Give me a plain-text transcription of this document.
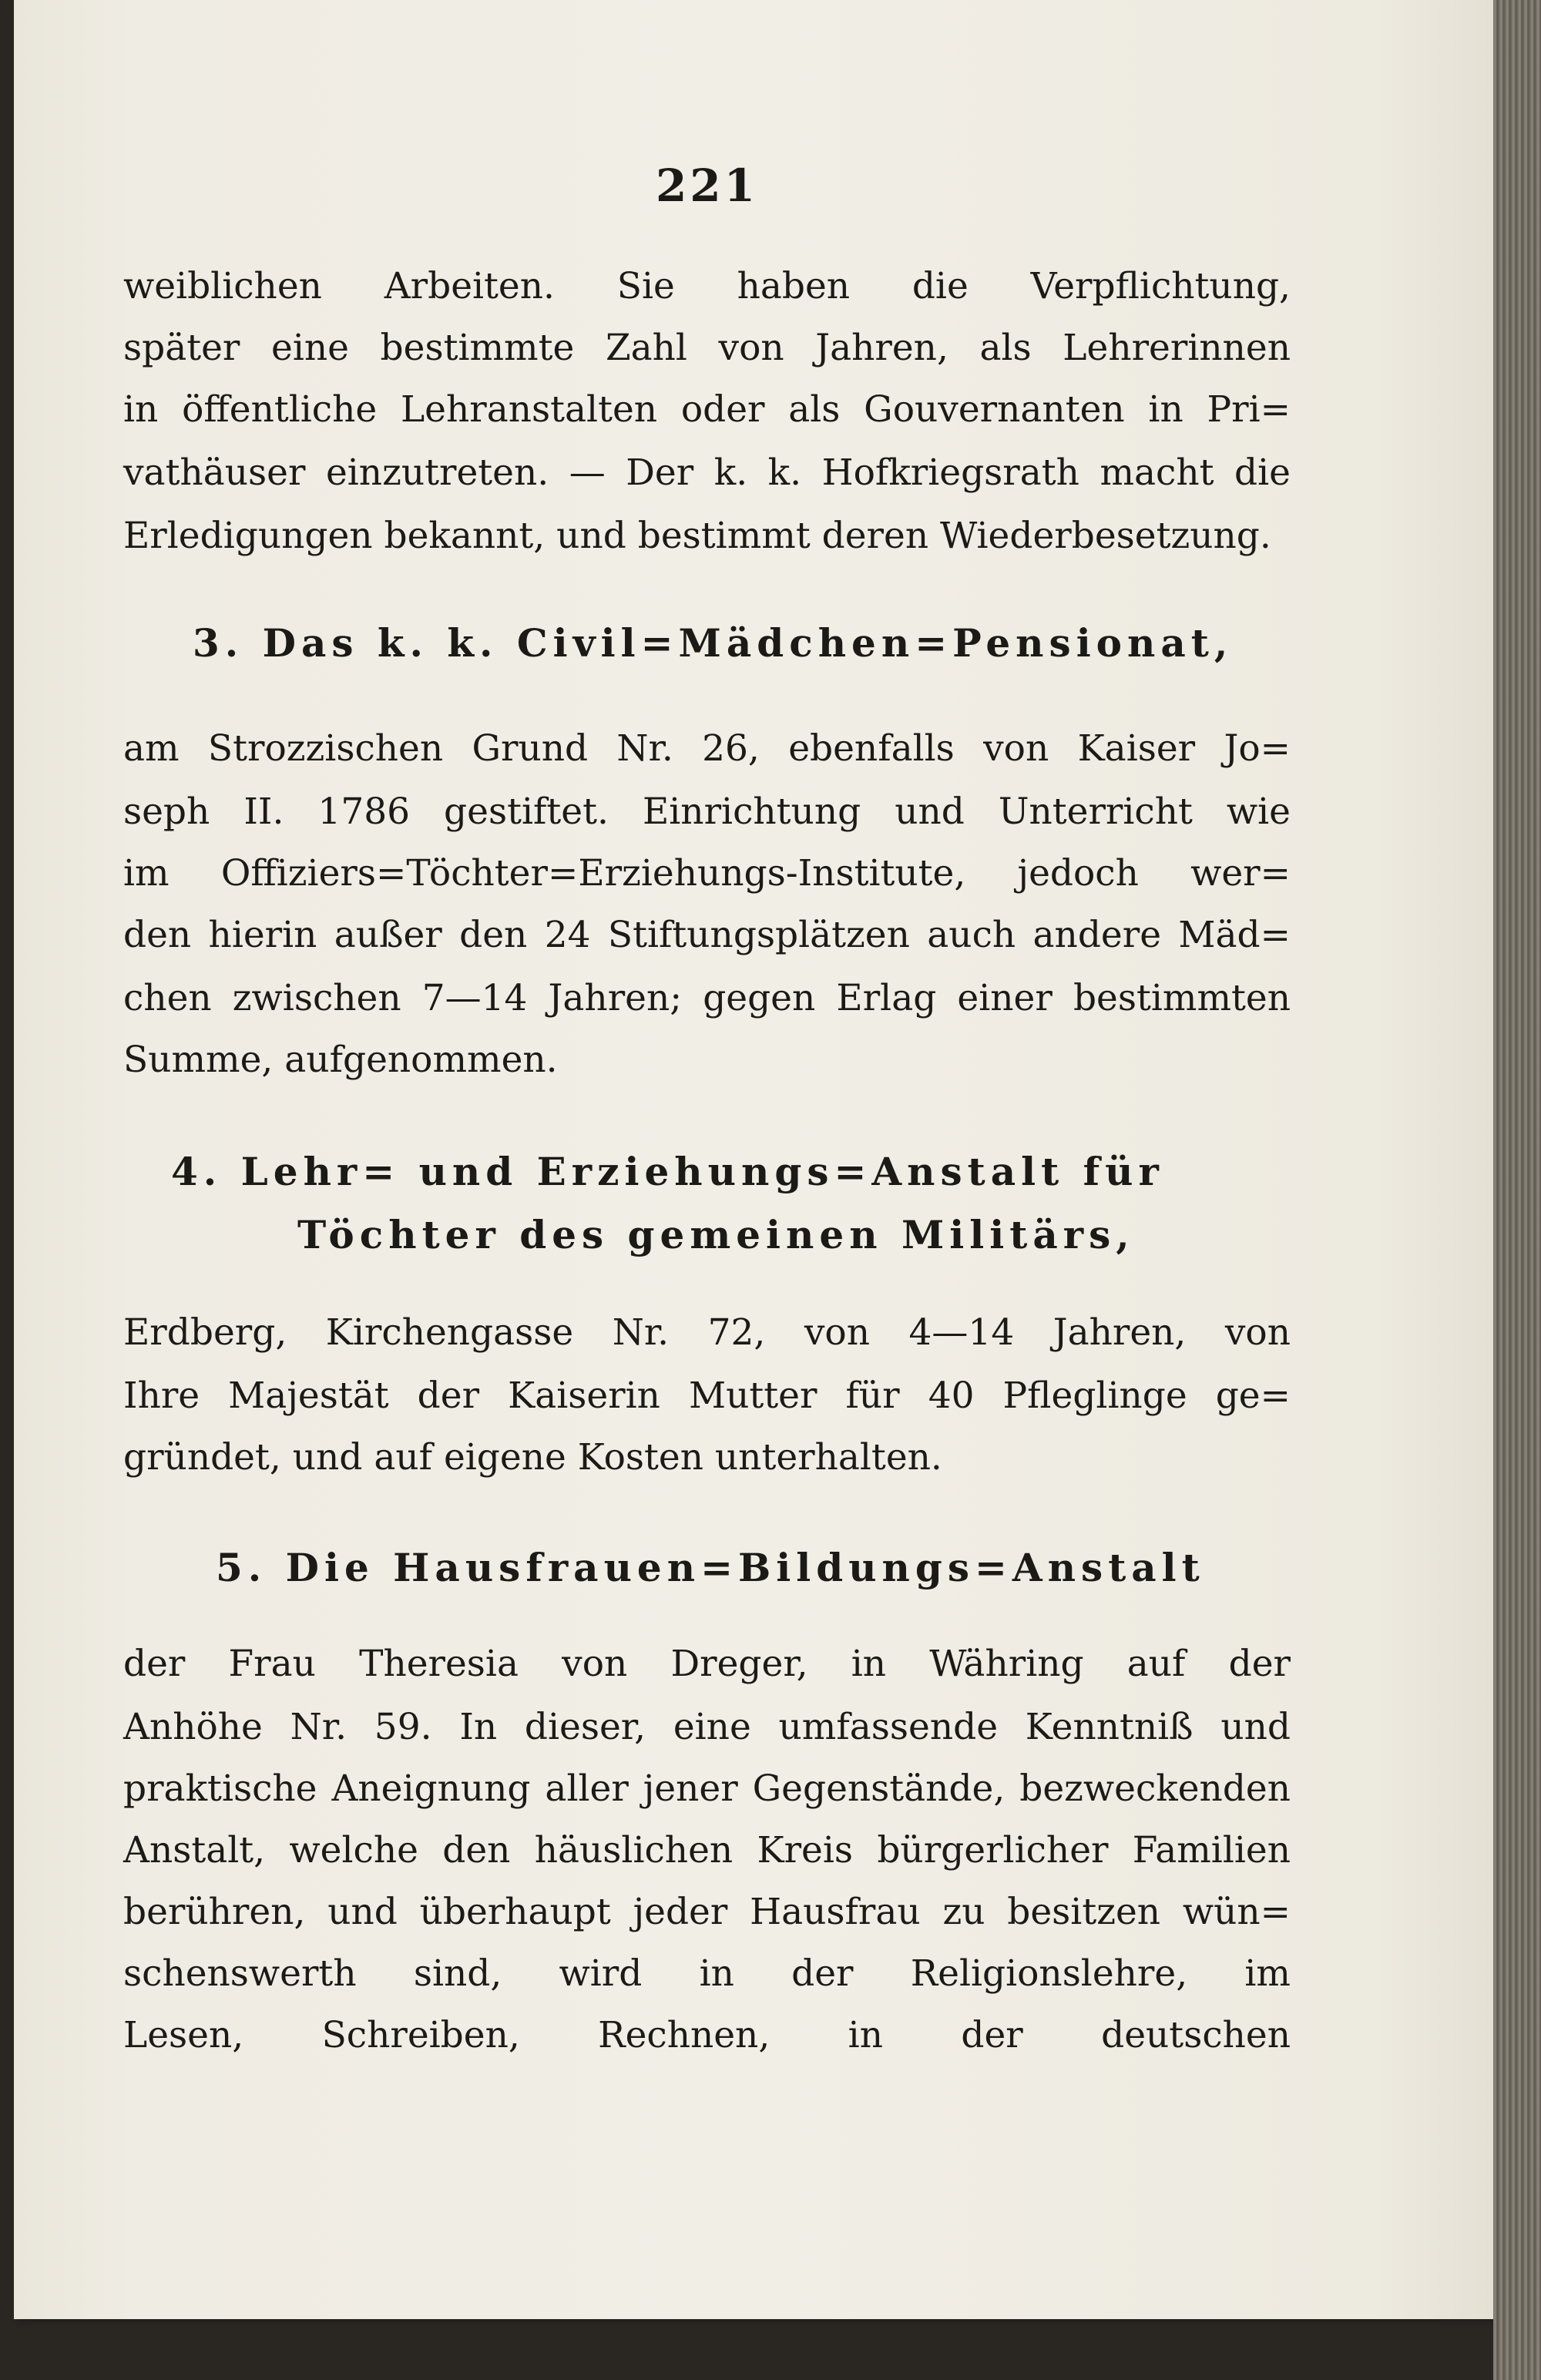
221
weiblichen Arbeiten. Sie haben die Verpflichtung,
später eine bestimmte Zahl von Jahren, als Lehrerinnen
in öffentliche Lehranstalten oder als Gouvernanten in Pri=
vathäuser einzutreten. — Der k. k. Hofkriegsrath macht die
Erledigungen bekannt, und bestimmt deren Wiederbesetzung.
3. Das k. k. Civil=Mädchen=Pensionat,
am Strozzischen Grund Nr. 26, ebenfalls von Kaiser Jo=
seph II. 1786 gestiftet. Einrichtung und Unterricht wie
im Offiziers=Töchter=Erziehungs-Institute, jedoch wer=
den hierin außer den 24 Stiftungsplätzen auch andere Mäd=
chen zwischen 7—14 Jahren; gegen Erlag einer bestimmten
Summe, aufgenommen.
4. Lehr= und Erziehungs=Anstalt für
Töchter des gemeinen Militärs,
Erdberg, Kirchengasse Nr. 72, von 4—14 Jahren, von
Ihre Majestät der Kaiserin Mutter für 40 Pfleglinge ge=
gründet, und auf eigene Kosten unterhalten.
5. Die Hausfrauen=Bildungs=Anstalt
der Frau Theresia von Dreger, in Währing auf der
Anhöhe Nr. 59. In dieser, eine umfassende Kenntniß und
praktische Aneignung aller jener Gegenstände, bezweckenden
Anstalt, welche den häuslichen Kreis bürgerlicher Familien
berühren, und überhaupt jeder Hausfrau zu besitzen wün=
schenswerth sind, wird in der Religionslehre, im
Lesen, Schreiben, Rechnen, in der deutschen
